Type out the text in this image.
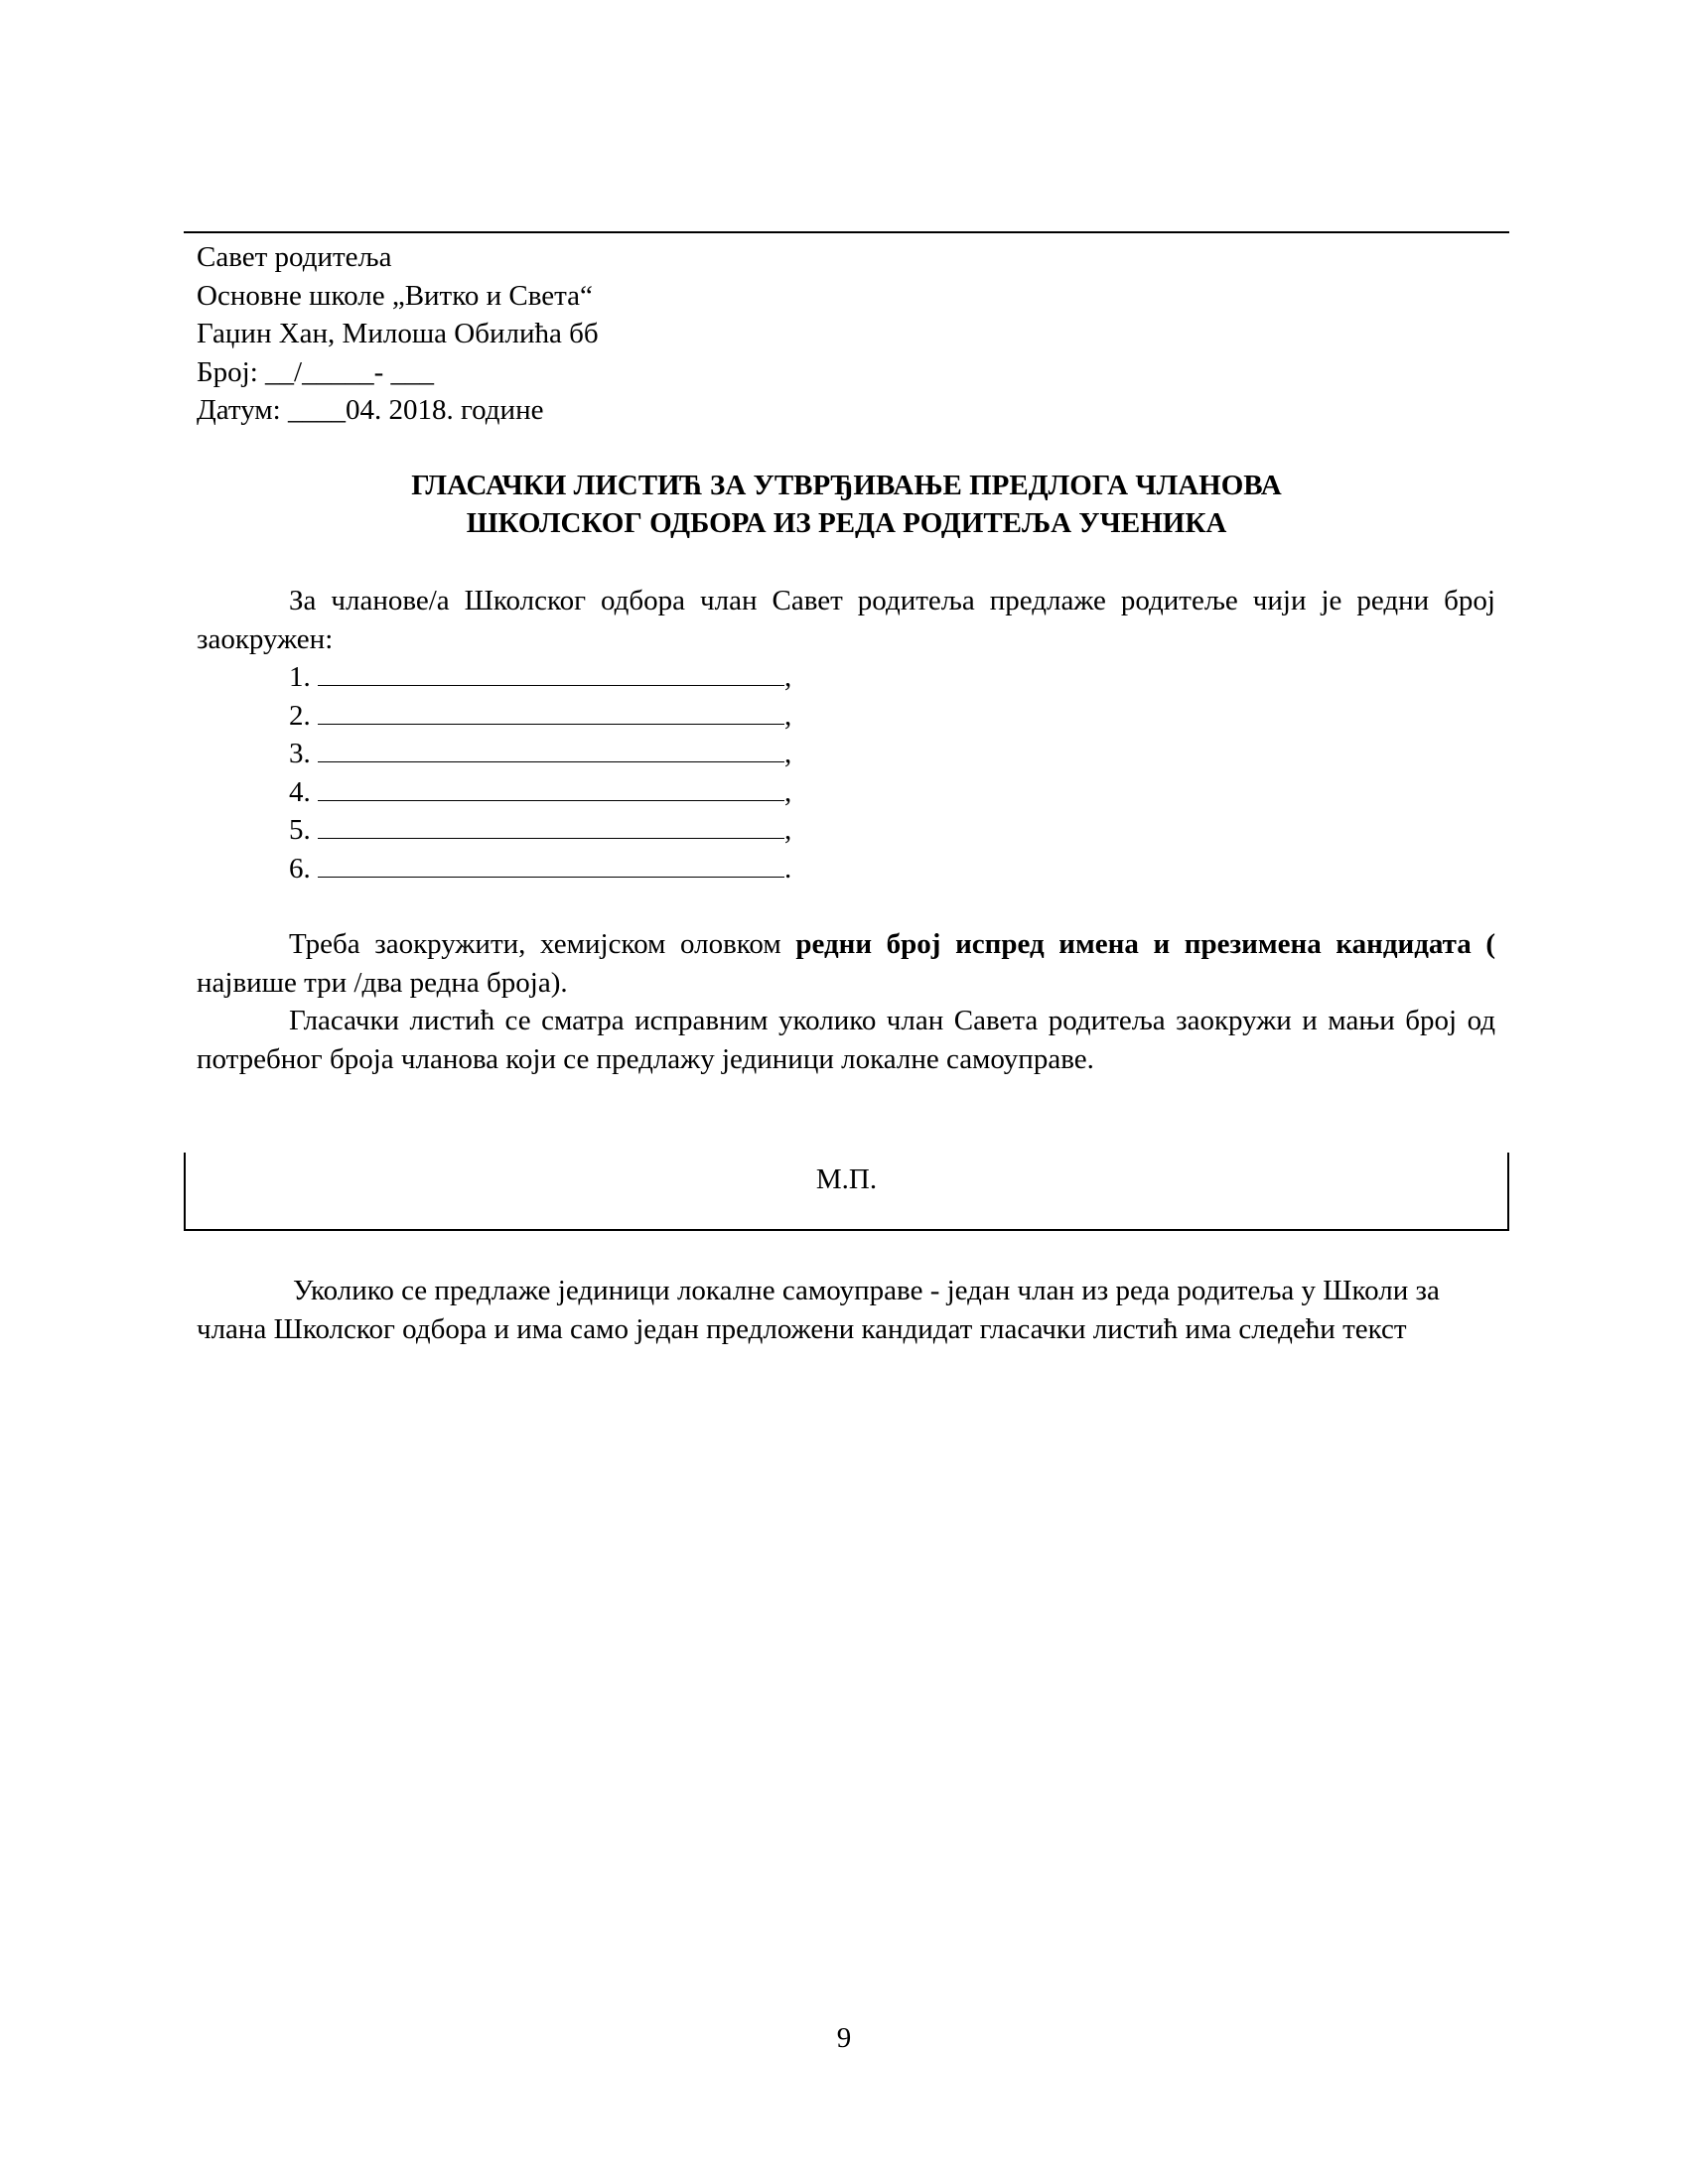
Савет родитеља
Основне школе „Витко и Света“
Гаџин Хан, Милоша Обилића бб
Број: __/_____- ___
Датум: ____04. 2018. године
ГЛАСАЧКИ ЛИСТИЋ ЗА УТВРЂИВАЊЕ ПРЕДЛОГА ЧЛАНОВА
ШКОЛСКОГ ОДБОРА ИЗ РЕДА РОДИТЕЉА УЧЕНИКА
За чланове/а Школског одбора члан Савет родитеља предлаже родитеље чији је редни број заокружен:
1.	,
2.	,
3.	,
4.	,
5.	,
6.	.
Треба заокружити, хемијском оловком редни број испред имена и презимена кандидата ( највише три /два редна броја).
Гласачки листић се сматра исправним уколико члан Савета родитеља заокружи и мањи број од потребног броја чланова који се предлажу јединици локалне самоуправе.
М.П.
Уколико се предлаже јединици локалне самоуправе - један члан из реда родитеља у Школи за чланa Школског одбора и има само један предложени кандидат гласачки листић има следећи текст
9
